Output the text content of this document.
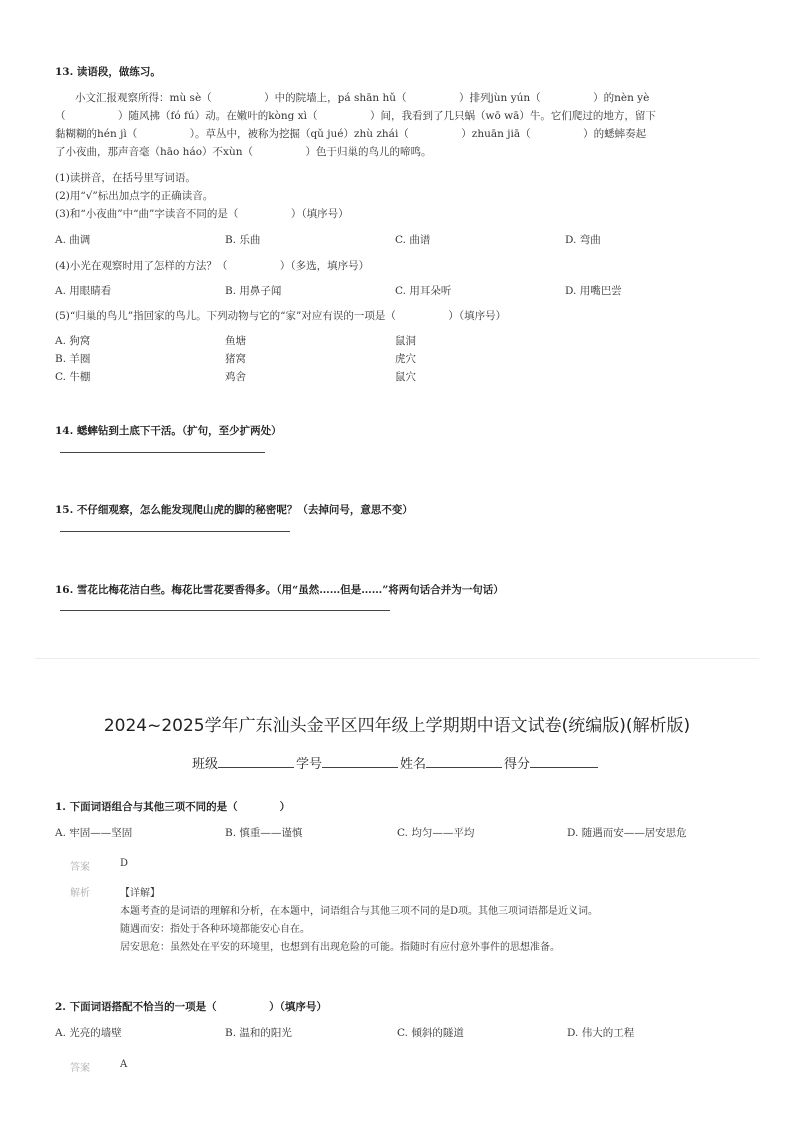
13. 读语段，做练习。
小文汇报观察所得：mù sè（　　　　　）中的院墙上，pá shān hǔ（　　　　　）排列jùn yún（　　　　　）的nèn yè
（　　　　　）随风拂（fó fú）动。在嫩叶的kòng xì（　　　　　）间，我看到了几只蜗（wō wā）牛。它们爬过的地方，留下
黏糊糊的hén jì（　　　　　）。草丛中，被称为挖掘（qǔ jué）zhù zhái（　　　　　）zhuān jiā（　　　　　）的蟋蟀奏起
了小夜曲，那声音毫（hāo háo）不xùn（　　　　　）色于归巢的鸟儿的啼鸣。
(1)读拼音，在括号里写词语。
(2)用“√”标出加点字的正确读音。
(3)和“小夜曲”中“曲”字读音不同的是（　　　　　）（填序号）
A. 曲调	B. 乐曲	C. 曲谱	D. 弯曲
(4)小光在观察时用了怎样的方法？（　　　　　）（多选，填序号）
A. 用眼睛看	B. 用鼻子闻	C. 用耳朵听	D. 用嘴巴尝
(5)“归巢的鸟儿”指回家的鸟儿。下列动物与它的“家”对应有误的一项是（　　　　　）（填序号）
A. 狗窝	鱼塘	鼠洞
B. 羊圈	猪窝	虎穴
C. 牛棚	鸡舍	鼠穴
14. 蟋蟀钻到土底下干活。（扩句，至少扩两处）
15. 不仔细观察，怎么能发现爬山虎的脚的秘密呢？（去掉问号，意思不变）
16. 雪花比梅花洁白些。梅花比雪花要香得多。（用“虽然……但是……”将两句话合并为一句话）
2024~2025学年广东汕头金平区四年级上学期期中语文试卷(统编版)(解析版)
班级	学号	姓名	得分
1. 下面词语组合与其他三项不同的是（　　　　）
A. 牢固——坚固	B. 慎重——谨慎	C. 均匀——平均	D. 随遇而安——居安思危
答案	D
解析	【详解】
本题考查的是词语的理解和分析，在本题中，词语组合与其他三项不同的是D项。其他三项词语都是近义词。
随遇而安：指处于各种环境都能安心自在。
居安思危：虽然处在平安的环境里，也想到有出现危险的可能。指随时有应付意外事件的思想准备。
2. 下面词语搭配不恰当的一项是（　　　　　）（填序号）
A. 光亮的墙壁	B. 温和的阳光	C. 倾斜的隧道	D. 伟大的工程
答案	A
